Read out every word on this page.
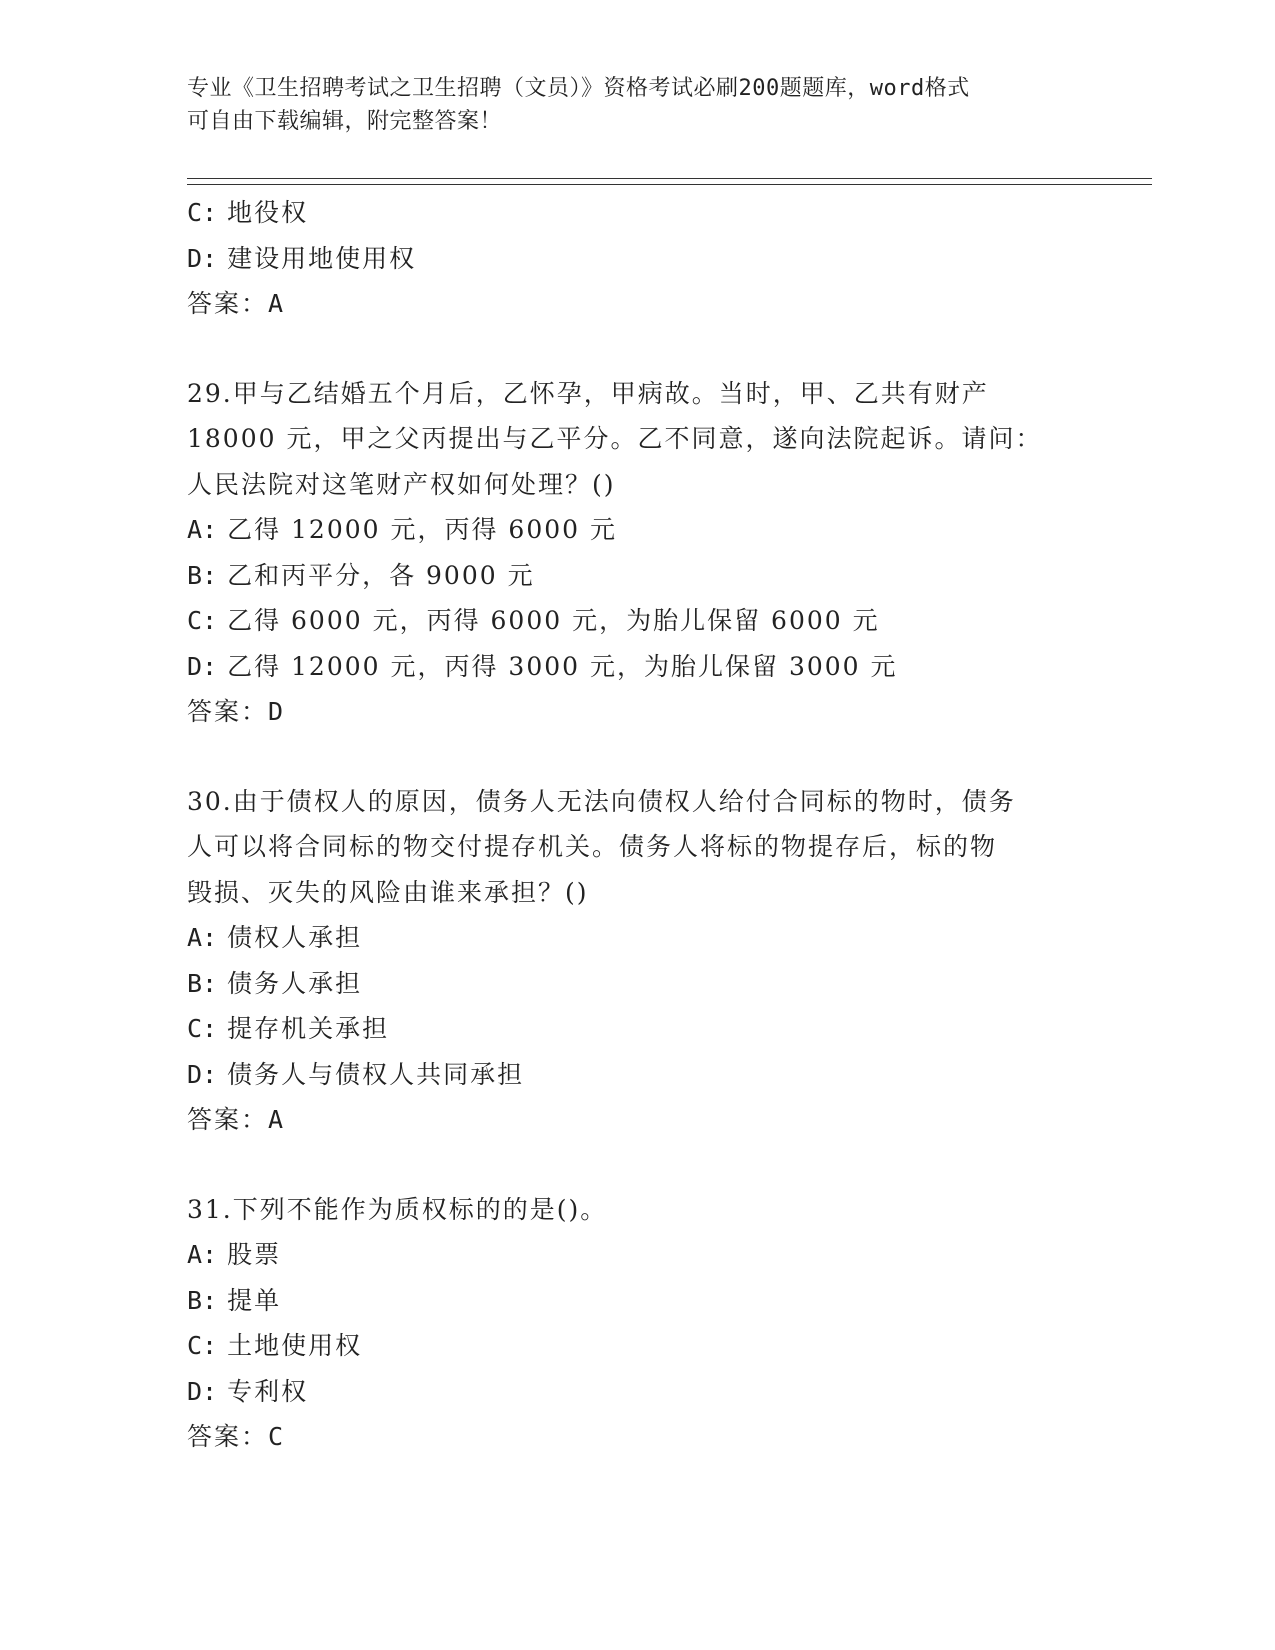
专业《卫生招聘考试之卫生招聘（文员）》资格考试必刷200题题库，word格式
可自由下载编辑，附完整答案！
C: 地役权
D: 建设用地使用权
答案：A
29.甲与乙结婚五个月后，乙怀孕，甲病故。当时，甲、乙共有财产
18000 元，甲之父丙提出与乙平分。乙不同意，遂向法院起诉。请问：
人民法院对这笔财产权如何处理？()
A: 乙得 12000 元，丙得 6000 元
B: 乙和丙平分，各 9000 元
C: 乙得 6000 元，丙得 6000 元，为胎儿保留 6000 元
D: 乙得 12000 元，丙得 3000 元，为胎儿保留 3000 元
答案：D
30.由于债权人的原因，债务人无法向债权人给付合同标的物时，债务
人可以将合同标的物交付提存机关。债务人将标的物提存后，标的物
毁损、灭失的风险由谁来承担？()
A: 债权人承担
B: 债务人承担
C: 提存机关承担
D: 债务人与债权人共同承担
答案：A
31.下列不能作为质权标的的是()。
A: 股票
B: 提单
C: 土地使用权
D: 专利权
答案：C
